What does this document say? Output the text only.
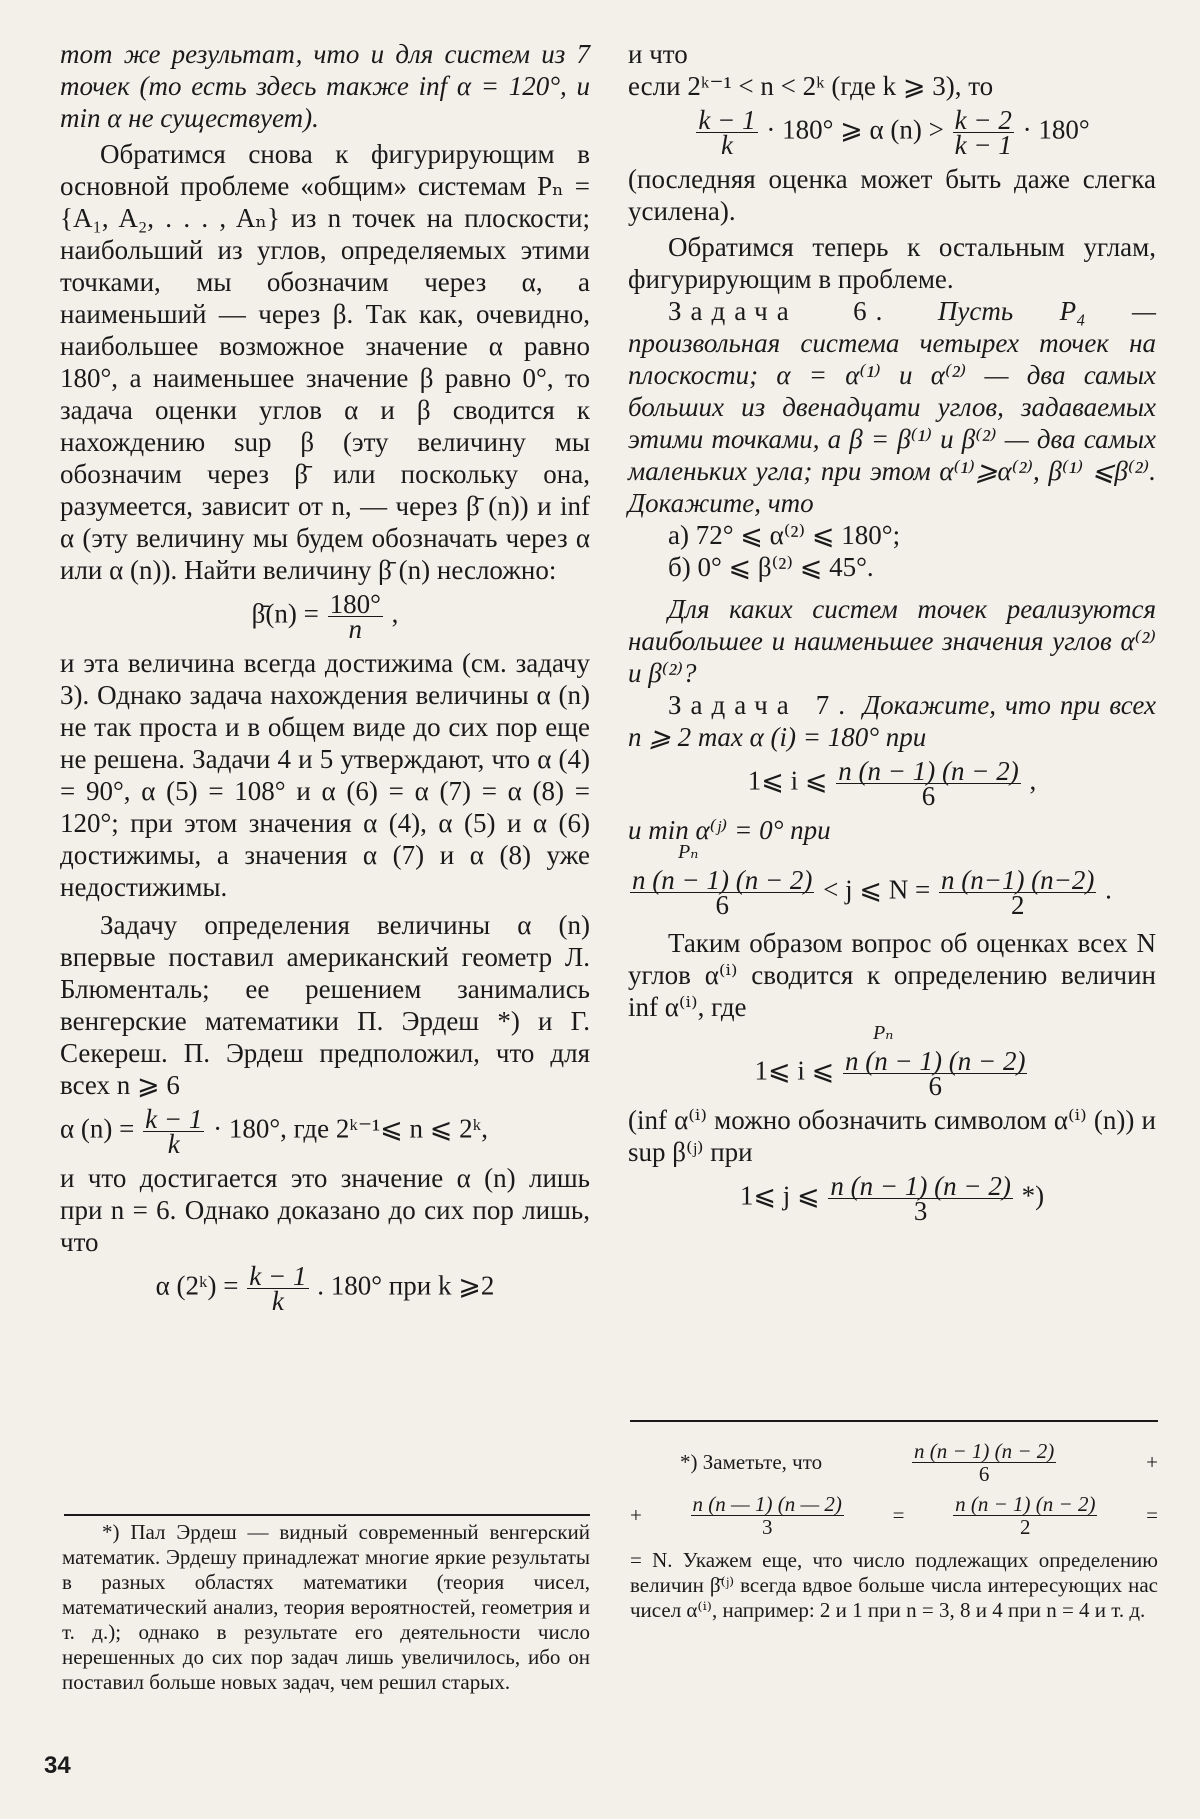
тот же результат, что и для систем из 7 точек (то есть здесь также inf α = 120°, и min α не существует).

Обратимся снова к фигурирующим в основной проблеме «общим» системам Pₙ = {A₁, A₂, . . . , Aₙ} из n точек на плоскости; наибольший из углов, определяемых этими точками, мы обозначим через α, а наименьший — через β. Так как, очевидно, наибольшее возможное значение α равно 180°, а наименьшее значение β равно 0°, то задача оценки углов α и β сводится к нахождению sup β (эту величину мы обозначим через β̄ или поскольку она, разумеется, зависит от n, — через β̄ (n)) и inf α (эту величину мы будем обозначать через α или α (n)). Найти величину β̄ (n) несложно:

β̄(n) = $\frac{180^\circ}{n}$ ,

и эта величина всегда достижима (см. задачу 3). Однако задача нахождения величины α (n) не так проста и в общем виде до сих пор еще не решена. Задачи 4 и 5 утверждают, что α (4) = 90°, α (5) = 108° и α (6) = α (7) = α (8) = 120°; при этом значения α (4), α (5) и α (6) достижимы, а значения α (7) и α (8) уже недостижимы.

Задачу определения величины α (n) впервые поставил американский геометр Л. Блюменталь; ее решением занимались венгерские математики П. Эрдеш *) и Г. Секереш. П. Эрдеш предположил, что для всех n ⩾ 6

α $(n) = \frac{k - 1}{k} \cdot 180^\circ$, где 2ᵏ⁻¹⩽ n ⩽ 2ᵏ,

и что достигается это значение α (n) лишь при n = 6. Однако доказано до сих пор лишь, что

α (2ᵏ) = $\frac{k - 1}{k}$ . 180° при k ⩾2

*) Пал Эрдеш — видный современный венгерский математик. Эрдешу принадлежат многие яркие результаты в разных областях математики (теория чисел, математический анализ, теория вероятностей, геометрия и т. д.); однако в результате его деятельности число нерешенных до сих пор задач лишь увеличилось, ибо он поставил больше новых задач, чем решил старых.

и что

если 2ᵏ⁻¹ < n < 2ᵏ (где k ⩾ 3), то

$\frac{k - 1}{k} \cdot 180^\circ$ ⩾ α $(n) > \frac{k - 2}{k - 1} \cdot 180^\circ$

(последняя оценка может быть даже слегка усилена).

Обратимся теперь к остальным углам, фигурирующим в проблеме.

Задача 6. Пусть P₄ — произвольная система четырех точек на плоскости; α = α⁽¹⁾ и α⁽²⁾ — два самых больших из двенадцати углов, задаваемых этими точками, а β = β⁽¹⁾ и β⁽²⁾ — два самых маленьких угла; при этом α⁽¹⁾⩾α⁽²⁾, β⁽¹⁾ ⩽β⁽²⁾. Докажите, что

а) 72° ⩽ α⁽²⁾ ⩽ 180°;

б) 0° ⩽ β⁽²⁾ ⩽ 45°.

Для каких систем точек реализуются наибольшее и наименьшее значения углов α⁽²⁾ и β⁽²⁾?

Задача 7. Докажите, что при всех n ⩾ 2 max α (i) = 180° при

1⩽ i ⩽ $\frac{n (n - 1) (n - 2)}{6}$ ,

и min α⁽ʲ⁾ = 0° при

Pₙ

$\frac{n (n - 1) (n - 2)}{6} < j$ ⩽ $N = \frac{n (n-1) (n-2)}{2}$ .

Таким образом вопрос об оценках всех N углов α⁽ⁱ⁾ сводится к определению величин inf α⁽ⁱ⁾, где

Pₙ

1⩽ i ⩽ $\frac{n (n - 1) (n - 2)}{6}$

(inf α⁽ⁱ⁾ можно обозначить символом α⁽ⁱ⁾ (n)) и sup β⁽ʲ⁾ при

1⩽ j ⩽ $\frac{n (n - 1) (n - 2)}{3}$ *)
*) Заметьте, что	$\frac{n (n - 1) (n - 2)}{6}$	+
+ $\frac{n (n — 1) (n — 2)}{3} = \frac{n (n - 1) (n - 2)}{2}$ =

= N. Укажем еще, что число подлежащих определению величин β̄⁽ʲ⁾ всегда вдвое больше числа интересующих нас чисел α⁽ⁱ⁾, например: 2 и 1 при n = 3, 8 и 4 при n = 4 и т. д.

34
